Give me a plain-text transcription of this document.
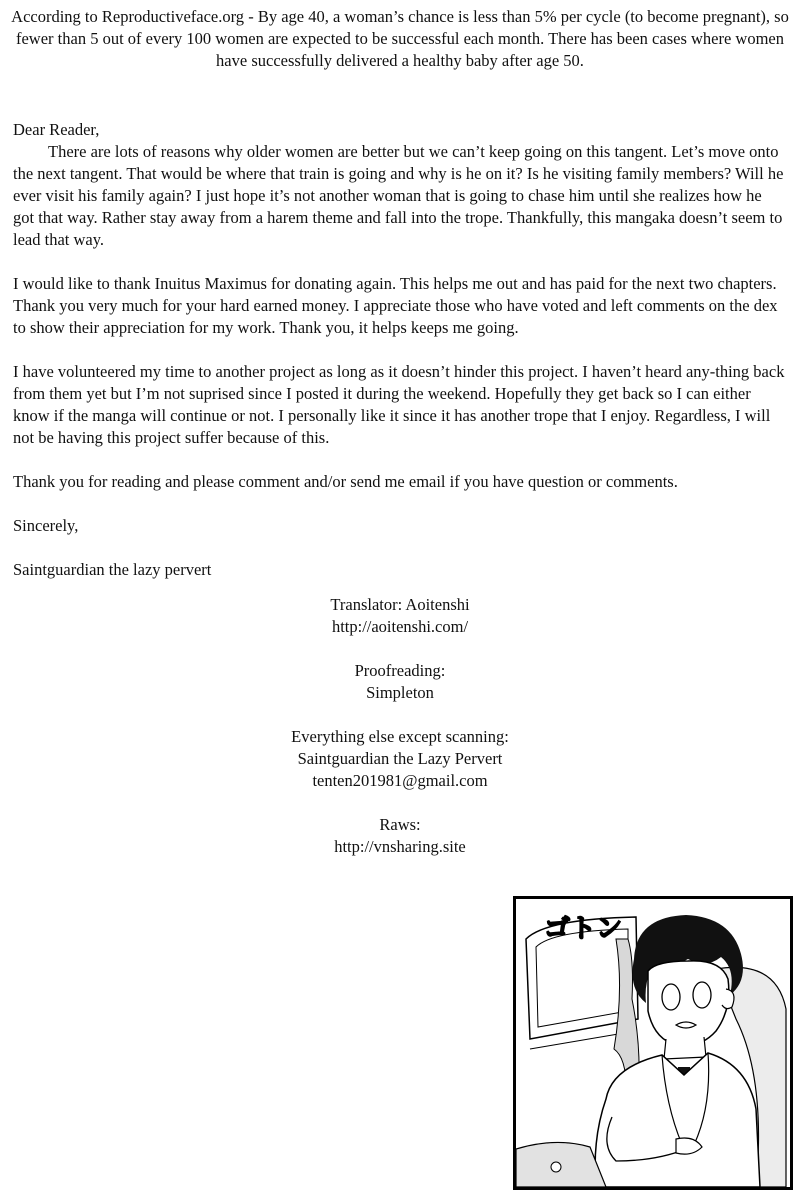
According to Reproductiveface.org - By age 40, a woman’s chance is less than 5% per cycle (to become pregnant), so fewer than 5 out of every 100 women are expected to be successful each month. There has been cases where women have successfully delivered a healthy baby after age 50.

Dear Reader,

There are lots of reasons why older women are better but we can’t keep going on this tangent. Let’s move onto the next tangent. That would be where that train is going and why is he on it? Is he visiting family members? Will he ever visit his family again? I just hope it’s not another woman that is going to chase him until she realizes how he got that way. Rather stay away from a harem theme and fall into the trope. Thankfully, this mangaka doesn’t seem to lead that way.

I would like to thank Inuitus Maximus for donating again. This helps me out and has paid for the next two chapters. Thank you very much for your hard earned money. I appreciate those who have voted and left comments on the dex to show their appreciation for my work. Thank you, it helps keeps me going.

I have volunteered my time to another project as long as it doesn’t hinder this project. I haven’t heard any-thing back from them yet but I’m not suprised since I posted it during the weekend. Hopefully they get back so I can either know if the manga will continue or not. I personally like it since it has another trope that I enjoy. Regardless, I will not be having this project suffer because of this.

Thank you for reading and please comment and/or send me email if you have question or comments.

Sincerely,

Saintguardian the lazy pervert

Translator: Aoitenshi
http://aoitenshi.com/
Proofreading:
Simpleton
Everything else except scanning:
Saintguardian the Lazy Pervert
tenten201981@gmail.com
Raws:
http://vnsharing.site
ゴトン
